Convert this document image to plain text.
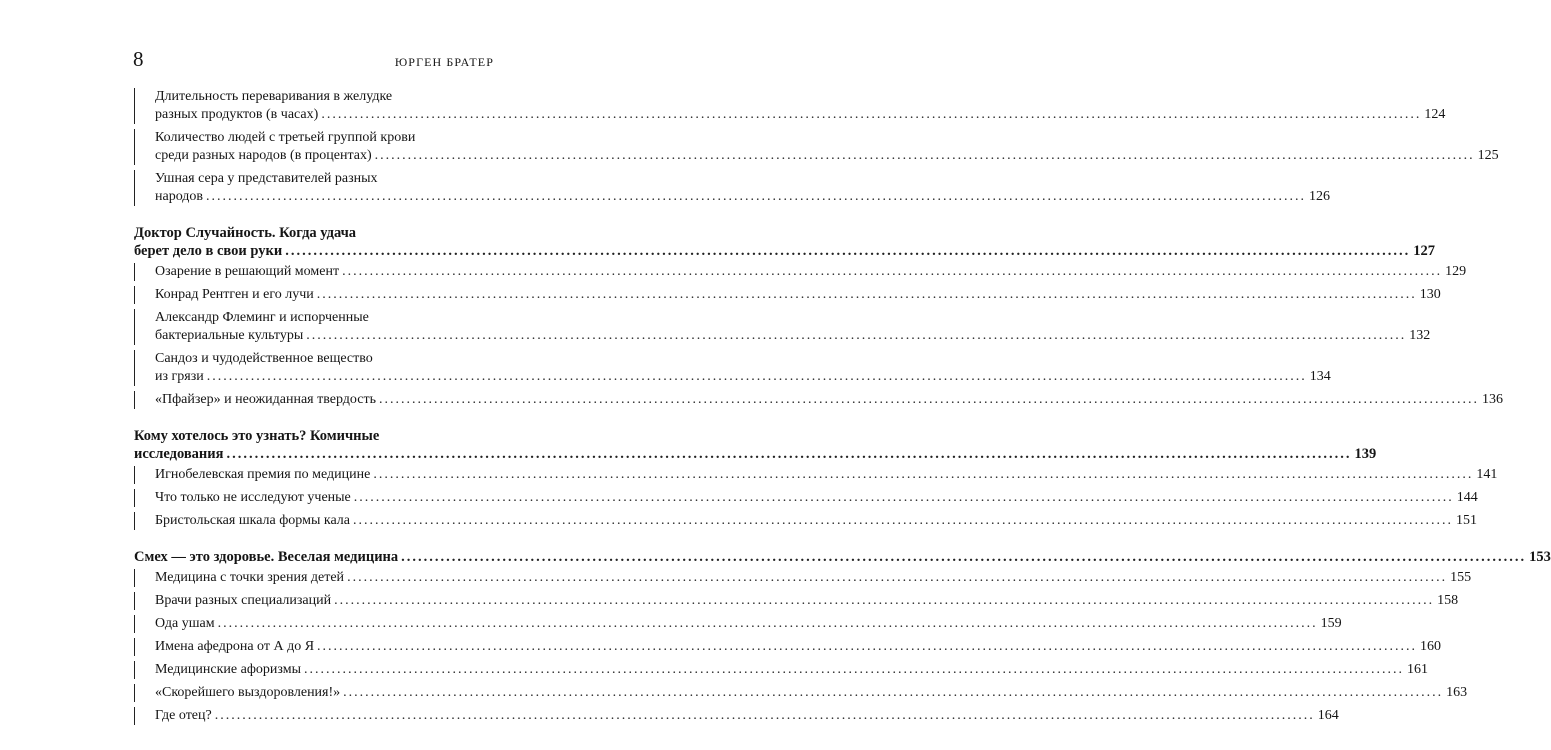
8	ЮРГЕН БРАТЕР
Длительность переваривания в желудке
разных продуктов (в часах) ........................................................................................................................................................................................................ 124
Количество людей с третьей группой крови
среди разных народов (в процентах) ........................................................................................................................................................................................................ 125
Ушная сера у представителей разных
народов ........................................................................................................................................................................................................ 126
Доктор Случайность. Когда удача
берет дело в свои руки ........................................................................................................................................................................................................ 127
Озарение в решающий момент ........................................................................................................................................................................................................ 129
Конрад Рентген и его лучи ........................................................................................................................................................................................................ 130
Александр Флеминг и испорченные
бактериальные культуры ........................................................................................................................................................................................................ 132
Сандоз и чудодейственное вещество
из грязи ........................................................................................................................................................................................................ 134
«Пфайзер» и неожиданная твердость ........................................................................................................................................................................................................ 136
Кому хотелось это узнать? Комичные
исследования ........................................................................................................................................................................................................ 139
Игнобелевская премия по медицине ........................................................................................................................................................................................................ 141
Что только не исследуют ученые ........................................................................................................................................................................................................ 144
Бристольская шкала формы кала ........................................................................................................................................................................................................ 151
Смех — это здоровье. Веселая медицина ........................................................................................................................................................................................................ 153
Медицина с точки зрения детей ........................................................................................................................................................................................................ 155
Врачи разных специализаций ........................................................................................................................................................................................................ 158
Ода ушам ........................................................................................................................................................................................................ 159
Имена афедрона от А до Я ........................................................................................................................................................................................................ 160
Медицинские афоризмы ........................................................................................................................................................................................................ 161
«Скорейшего выздоровления!» ........................................................................................................................................................................................................ 163
Где отец? ........................................................................................................................................................................................................ 164
